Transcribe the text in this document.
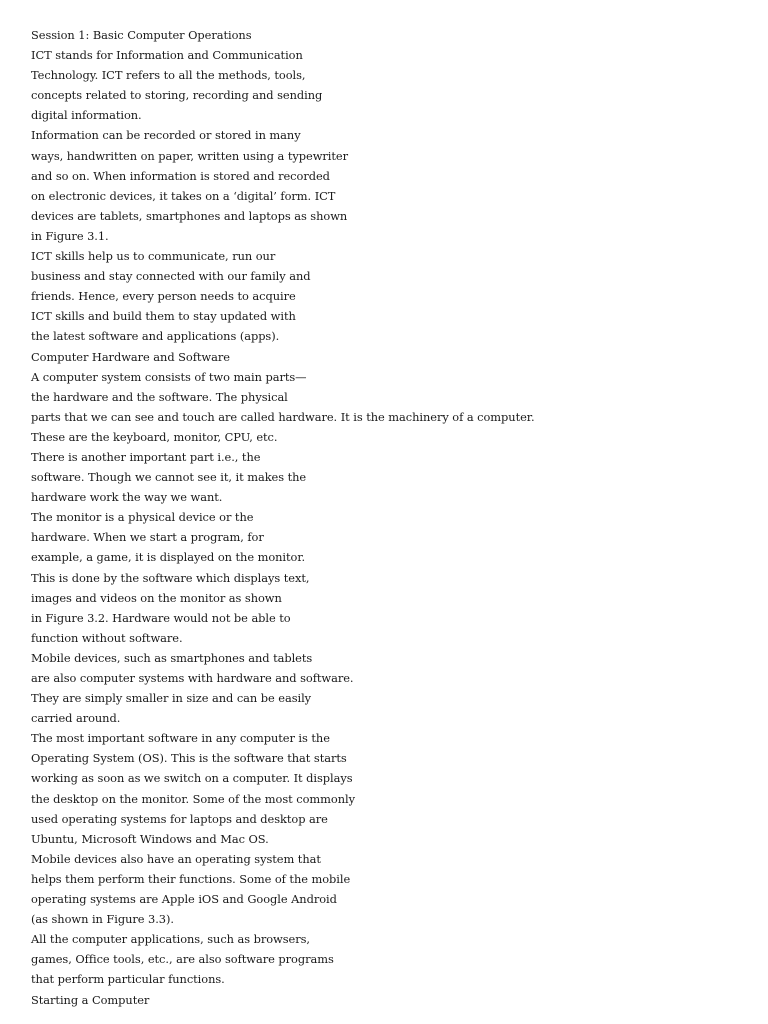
Session 1: Basic Computer Operations
ICT stands for Information and Communication
Technology. ICT refers to all the methods, tools,
concepts related to storing, recording and sending
digital information.
Information can be recorded or stored in many
ways, handwritten on paper, written using a typewriter
and so on. When information is stored and recorded
on electronic devices, it takes on a ‘digital’ form. ICT
devices are tablets, smartphones and laptops as shown
in Figure 3.1.
ICT skills help us to communicate, run our
business and stay connected with our family and
friends. Hence, every person needs to acquire
ICT skills and build them to stay updated with
the latest software and applications (apps).
Computer Hardware and Software
A computer system consists of two main parts—
the hardware and the software. The physical
parts that we can see and touch are called hardware. It is the machinery of a computer.
These are the keyboard, monitor, CPU, etc.
There is another important part i.e., the
software. Though we cannot see it, it makes the
hardware work the way we want.
The monitor is a physical device or the
hardware. When we start a program, for
example, a game, it is displayed on the monitor.
This is done by the software which displays text,
images and videos on the monitor as shown
in Figure 3.2. Hardware would not be able to
function without software.
Mobile devices, such as smartphones and tablets
are also computer systems with hardware and software.
They are simply smaller in size and can be easily
carried around.
The most important software in any computer is the
Operating System (OS). This is the software that starts
working as soon as we switch on a computer. It displays
the desktop on the monitor. Some of the most commonly
used operating systems for laptops and desktop are
Ubuntu, Microsoft Windows and Mac OS.
Mobile devices also have an operating system that
helps them perform their functions. Some of the mobile
operating systems are Apple iOS and Google Android
(as shown in Figure 3.3).
All the computer applications, such as browsers,
games, Office tools, etc., are also software programs
that perform particular functions.
Starting a Computer
